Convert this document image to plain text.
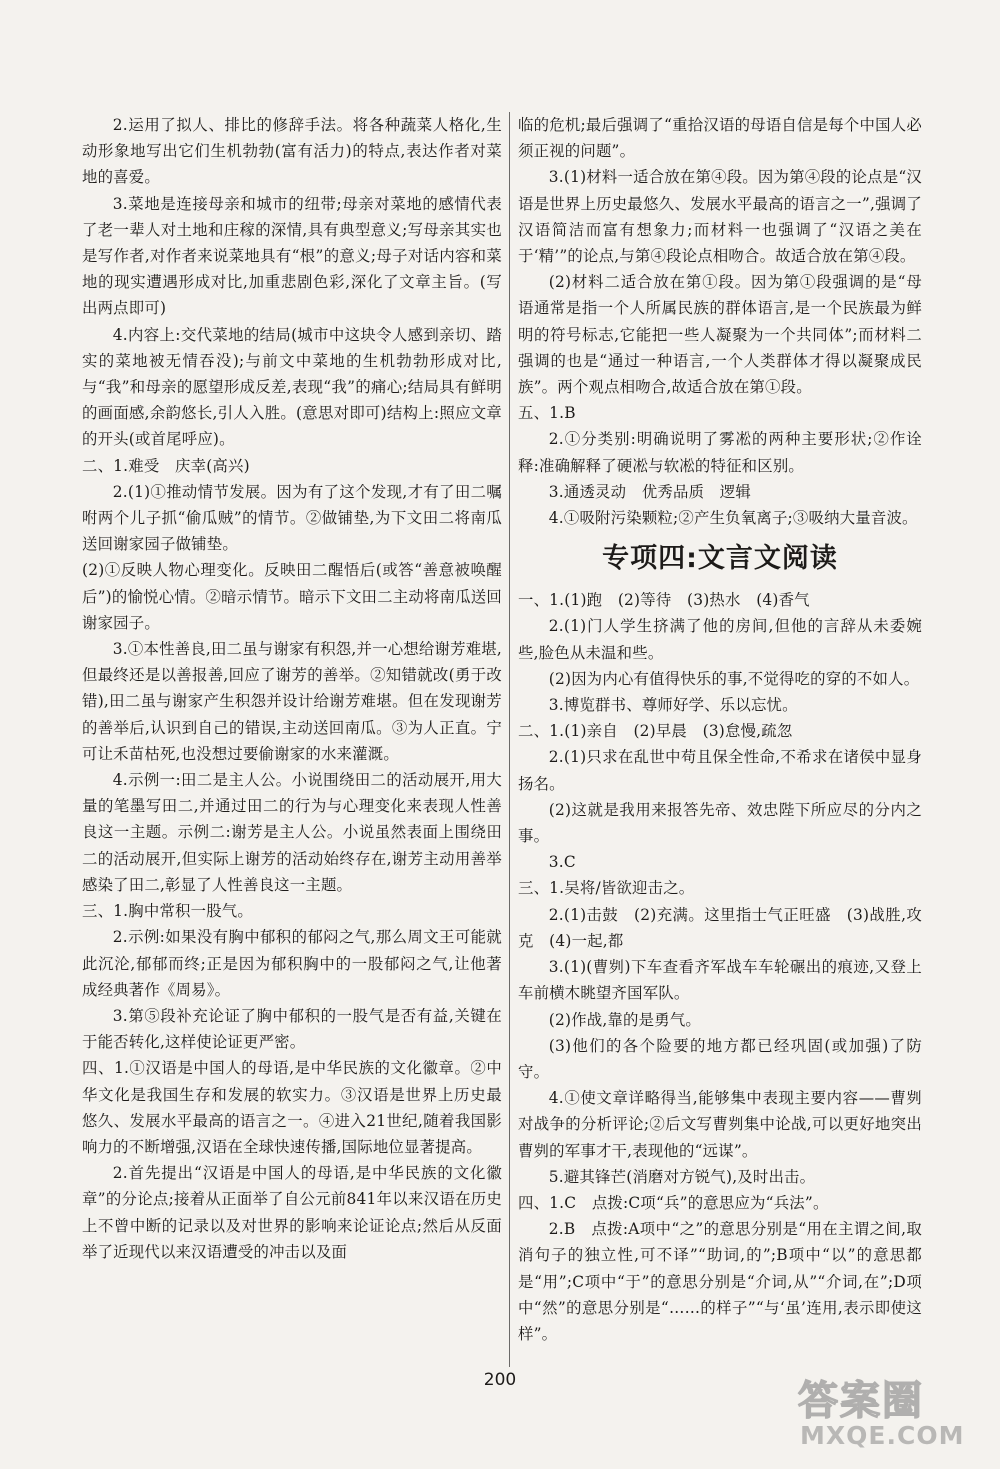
2.运用了拟人、排比的修辞手法。将各种蔬菜人格化,生动形象地写出它们生机勃勃(富有活力)的特点,表达作者对菜地的喜爱。

3.菜地是连接母亲和城市的纽带;母亲对菜地的感情代表了老一辈人对土地和庄稼的深情,具有典型意义;写母亲其实也是写作者,对作者来说菜地具有“根”的意义;母子对话内容和菜地的现实遭遇形成对比,加重悲剧色彩,深化了文章主旨。(写出两点即可)

4.内容上:交代菜地的结局(城市中这块令人感到亲切、踏实的菜地被无情吞没);与前文中菜地的生机勃勃形成对比,与“我”和母亲的愿望形成反差,表现“我”的痛心;结局具有鲜明的画面感,余韵悠长,引人入胜。(意思对即可)结构上:照应文章的开头(或首尾呼应)。

二、1.难受　庆幸(高兴)

2.(1)①推动情节发展。因为有了这个发现,才有了田二嘱咐两个儿子抓“偷瓜贼”的情节。②做铺垫,为下文田二将南瓜送回谢家园子做铺垫。

(2)①反映人物心理变化。反映田二醒悟后(或答“善意被唤醒后”)的愉悦心情。②暗示情节。暗示下文田二主动将南瓜送回谢家园子。

3.①本性善良,田二虽与谢家有积怨,并一心想给谢芳难堪,但最终还是以善报善,回应了谢芳的善举。②知错就改(勇于改错),田二虽与谢家产生积怨并设计给谢芳难堪。但在发现谢芳的善举后,认识到自己的错误,主动送回南瓜。③为人正直。宁可让禾苗枯死,也没想过要偷谢家的水来灌溉。

4.示例一:田二是主人公。小说围绕田二的活动展开,用大量的笔墨写田二,并通过田二的行为与心理变化来表现人性善良这一主题。示例二:谢芳是主人公。小说虽然表面上围绕田二的活动展开,但实际上谢芳的活动始终存在,谢芳主动用善举感染了田二,彰显了人性善良这一主题。

三、1.胸中常积一股气。

2.示例:如果没有胸中郁积的郁闷之气,那么周文王可能就此沉沦,郁郁而终;正是因为郁积胸中的一股郁闷之气,让他著成经典著作《周易》。

3.第⑤段补充论证了胸中郁积的一股气是否有益,关键在于能否转化,这样使论证更严密。

四、1.①汉语是中国人的母语,是中华民族的文化徽章。②中华文化是我国生存和发展的软实力。③汉语是世界上历史最悠久、发展水平最高的语言之一。④进入21世纪,随着我国影响力的不断增强,汉语在全球快速传播,国际地位显著提高。

2.首先提出“汉语是中国人的母语,是中华民族的文化徽章”的分论点;接着从正面举了自公元前841年以来汉语在历史上不曾中断的记录以及对世界的影响来论证论点;然后从反面举了近现代以来汉语遭受的冲击以及面

临的危机;最后强调了“重拾汉语的母语自信是每个中国人必须正视的问题”。

3.(1)材料一适合放在第④段。因为第④段的论点是“汉语是世界上历史最悠久、发展水平最高的语言之一”,强调了汉语简洁而富有想象力;而材料一也强调了“汉语之美在于‘精’”的论点,与第④段论点相吻合。故适合放在第④段。

(2)材料二适合放在第①段。因为第①段强调的是“母语通常是指一个人所属民族的群体语言,是一个民族最为鲜明的符号标志,它能把一些人凝聚为一个共同体”;而材料二强调的也是“通过一种语言,一个人类群体才得以凝聚成民族”。两个观点相吻合,故适合放在第①段。

五、1.B

2.①分类别:明确说明了雾凇的两种主要形状;②作诠释:准确解释了硬凇与软凇的特征和区别。

3.通透灵动　优秀品质　逻辑

4.①吸附污染颗粒;②产生负氧离子;③吸纳大量音波。

专项四:文言文阅读

一、1.(1)跑　(2)等待　(3)热水　(4)香气

2.(1)门人学生挤满了他的房间,但他的言辞从未委婉些,脸色从未温和些。

(2)因为内心有值得快乐的事,不觉得吃的穿的不如人。

3.博览群书、尊师好学、乐以忘忧。

二、1.(1)亲自　(2)早晨　(3)怠慢,疏忽

2.(1)只求在乱世中苟且保全性命,不希求在诸侯中显身扬名。

(2)这就是我用来报答先帝、效忠陛下所应尽的分内之事。

3.C

三、1.吴将/皆欲迎击之。

2.(1)击鼓　(2)充满。这里指士气正旺盛　(3)战胜,攻克　(4)一起,都

3.(1)(曹刿)下车查看齐军战车车轮碾出的痕迹,又登上车前横木眺望齐国军队。

(2)作战,靠的是勇气。

(3)他们的各个险要的地方都已经巩固(或加强)了防守。

4.①使文章详略得当,能够集中表现主要内容——曹刿对战争的分析评论;②后文写曹刿集中论战,可以更好地突出曹刿的军事才干,表现他的“远谋”。

5.避其锋芒(消磨对方锐气),及时出击。

四、1.C　点拨:C项“兵”的意思应为“兵法”。

2.B　点拨:A项中“之”的意思分别是“用在主谓之间,取消句子的独立性,可不译”“助词,的”;B项中“以”的意思都是“用”;C项中“于”的意思分别是“介词,从”“介词,在”;D项中“然”的意思分别是“……的样子”“与‘虽’连用,表示即使这样”。

200	答案圈
MXQE.COM
